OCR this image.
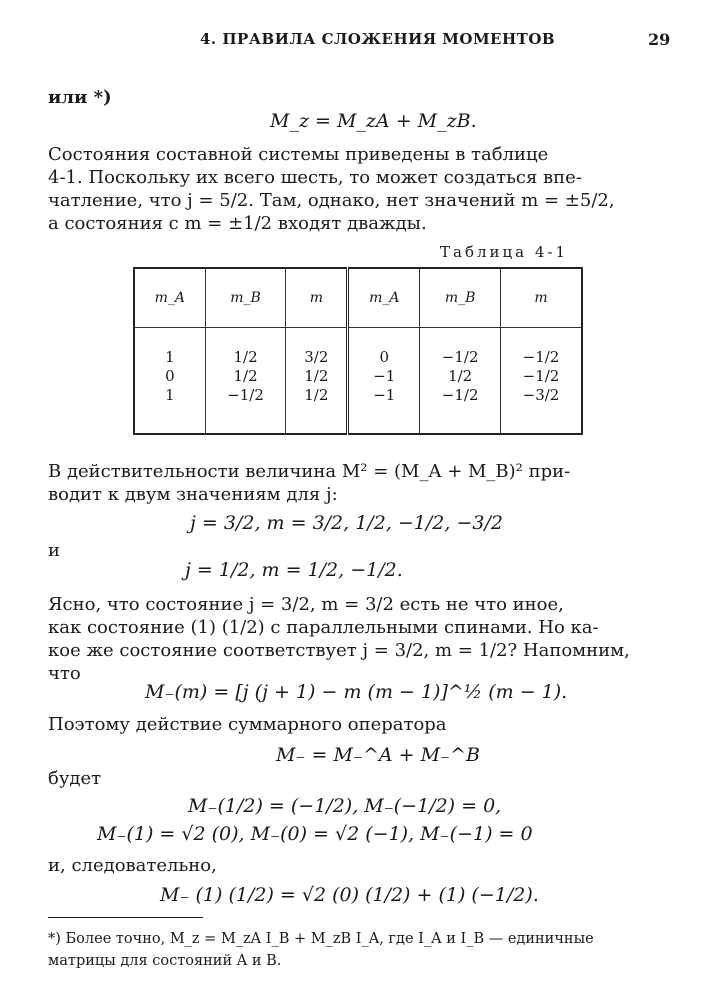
4. ПРАВИЛА СЛОЖЕНИЯ МОМЕНТОВ	29
или *)
M_z = M_zA + M_zB.
Состояния составной системы приведены в таблице
4-1. Поскольку их всего шесть, то может создаться впе-
чатление, что j = 5/2. Там, однако, нет значений m = ±5/2,
а состояния с m = ±1/2 входят дважды.
Таблица 4-1
m_A	m_B	m	m_A	m_B	m

1	1/2	3/2	0	−1/2	−1/2
0	1/2	1/2	−1	1/2	−1/2
1	−1/2	1/2	−1	−1/2	−3/2

В действительности величина M² = (M_A + M_B)² при-
водит к двум значениям для j:
j = 3/2, m = 3/2, 1/2, −1/2, −3/2
и
j = 1/2, m = 1/2, −1/2.
Ясно, что состояние j = 3/2, m = 3/2 есть не что иное,
как состояние (1) (1/2) с параллельными спинами. Но ка-
кое же состояние соответствует j = 3/2, m = 1/2? Напомним,
что
M₋(m) = [j (j + 1) − m (m − 1)]^½ (m − 1).
Поэтому действие суммарного оператора
M₋ = M₋^A + M₋^B
будет
M₋(1/2) = (−1/2), M₋(−1/2) = 0,
M₋(1) = √2 (0), M₋(0) = √2 (−1), M₋(−1) = 0
и, следовательно,
M₋ (1) (1/2) = √2 (0) (1/2) + (1) (−1/2).
*) Более точно, M_z = M_zA I_B + M_zB I_A, где I_A и I_B — единичные
матрицы для состояний A и B.
